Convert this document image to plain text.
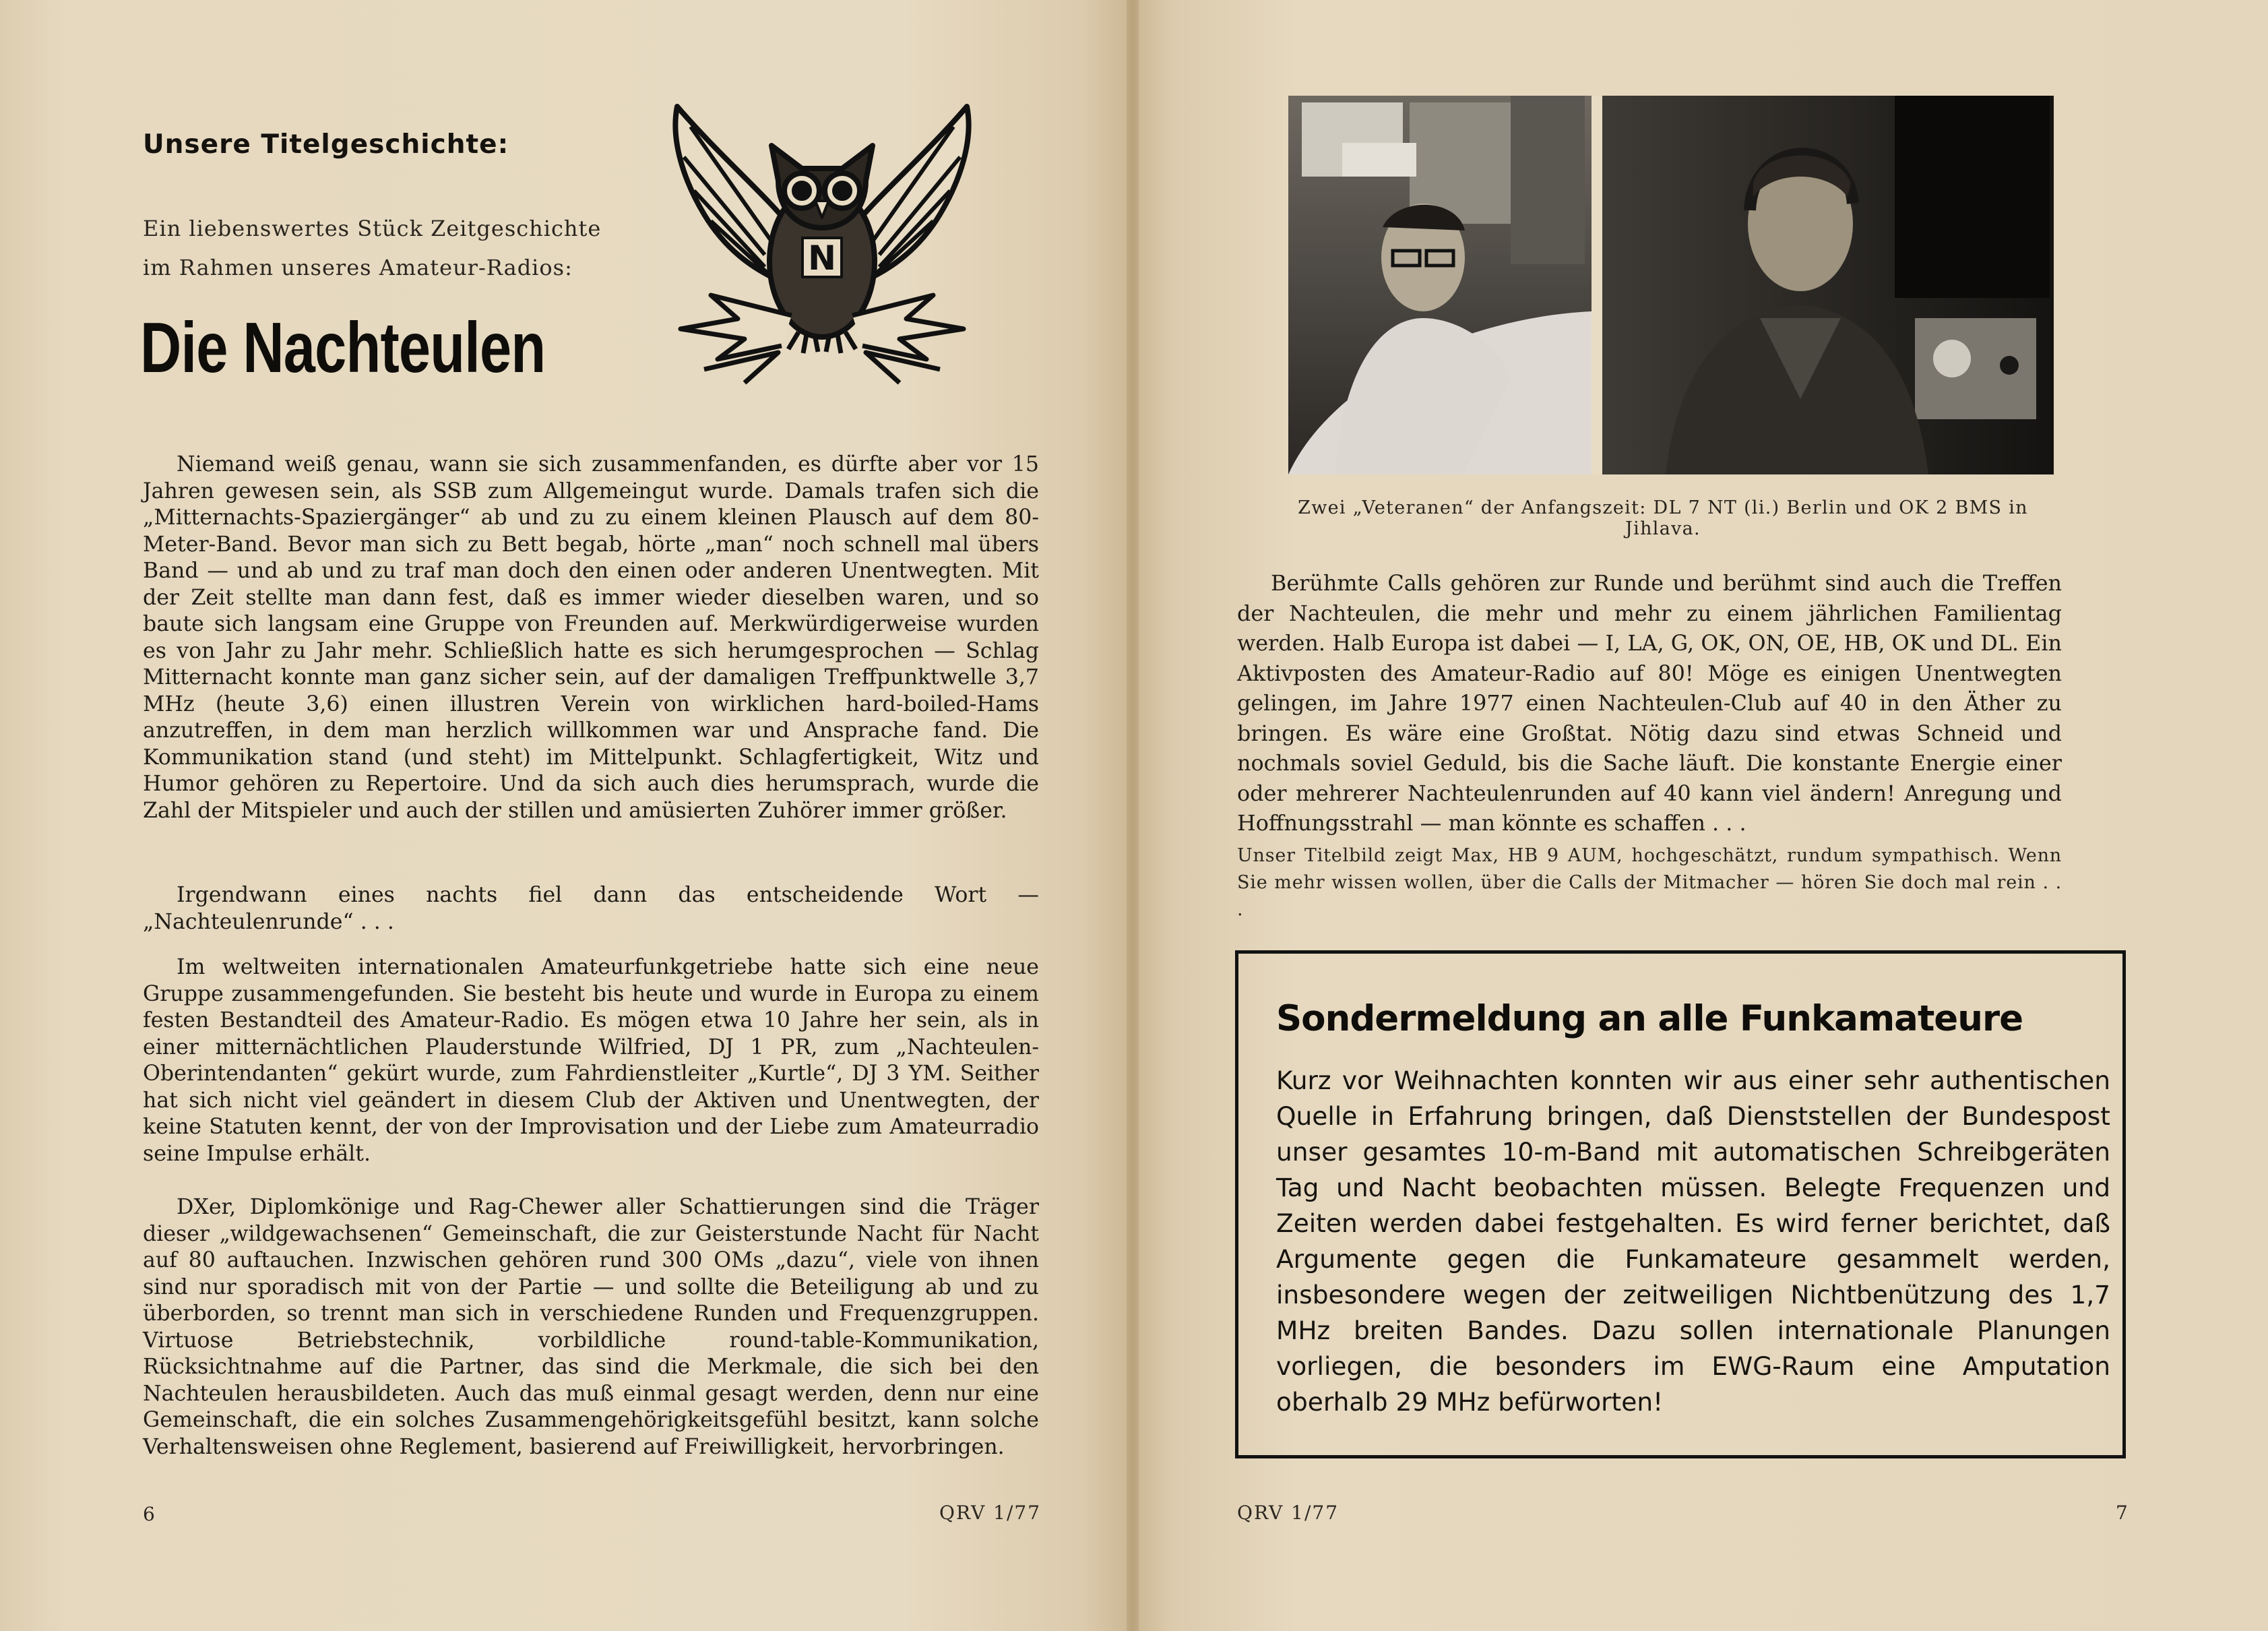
Unsere Titelgeschichte:
Ein liebenswertes Stück Zeitgeschichte
im Rahmen unseres Amateur-Radios:
Die Nachteulen
N

Niemand weiß genau, wann sie sich zusammenfanden, es dürfte aber vor 15 Jahren gewesen sein, als SSB zum Allgemeingut wurde. Damals trafen sich die „Mitternachts-Spaziergänger“ ab und zu zu einem kleinen Plausch auf dem 80-Meter-Band. Bevor man sich zu Bett begab, hörte „man“ noch schnell mal übers Band — und ab und zu traf man doch den einen oder anderen Unentwegten. Mit der Zeit stellte man dann fest, daß es immer wieder dieselben waren, und so baute sich langsam eine Gruppe von Freunden auf. Merkwürdigerweise wurden es von Jahr zu Jahr mehr. Schließlich hatte es sich herumgesprochen — Schlag Mitternacht konnte man ganz sicher sein, auf der damaligen Treffpunktwelle 3,7 MHz (heute 3,6) einen illustren Verein von wirklichen hard-boiled-Hams anzutreffen, in dem man herzlich willkommen war und Ansprache fand. Die Kommunikation stand (und steht) im Mittelpunkt. Schlagfertigkeit, Witz und Humor gehören zu Repertoire. Und da sich auch dies herumsprach, wurde die Zahl der Mitspieler und auch der stillen und amüsierten Zuhörer immer größer.

Irgendwann eines nachts fiel dann das entscheidende Wort — „Nachteulenrunde“ . . .

Im weltweiten internationalen Amateurfunkgetriebe hatte sich eine neue Gruppe zusammengefunden. Sie besteht bis heute und wurde in Europa zu einem festen Bestandteil des Amateur-Radio. Es mögen etwa 10 Jahre her sein, als in einer mitternächtlichen Plauderstunde Wilfried, DJ 1 PR, zum „Nachteulen-Oberintendanten“ gekürt wurde, zum Fahrdienstleiter „Kurtle“, DJ 3 YM. Seither hat sich nicht viel geändert in diesem Club der Aktiven und Unentwegten, der keine Statuten kennt, der von der Improvisation und der Liebe zum Amateurradio seine Impulse erhält.

DXer, Diplomkönige und Rag-Chewer aller Schattierungen sind die Träger dieser „wildgewachsenen“ Gemeinschaft, die zur Geisterstunde Nacht für Nacht auf 80 auftauchen. Inzwischen gehören rund 300 OMs „dazu“, viele von ihnen sind nur sporadisch mit von der Partie — und sollte die Beteiligung ab und zu überborden, so trennt man sich in verschiedene Runden und Frequenzgruppen. Virtuose Betriebstechnik, vorbildliche round-table-Kommunikation, Rücksichtnahme auf die Partner, das sind die Merkmale, die sich bei den Nachteulen herausbildeten. Auch das muß einmal gesagt werden, denn nur eine Gemeinschaft, die ein solches Zusammengehörigkeitsgefühl besitzt, kann solche Verhaltensweisen ohne Reglement, basierend auf Freiwilligkeit, hervorbringen.

6	QRV 1/77
Zwei „Veteranen“ der Anfangszeit: DL 7 NT (li.) Berlin und OK 2 BMS in Jihlava.

Berühmte Calls gehören zur Runde und berühmt sind auch die Treffen der Nachteulen, die mehr und mehr zu einem jährlichen Familientag werden. Halb Europa ist dabei — I, LA, G, OK, ON, OE, HB, OK und DL. Ein Aktivposten des Amateur-Radio auf 80! Möge es einigen Unentwegten gelingen, im Jahre 1977 einen Nachteulen-Club auf 40 in den Äther zu bringen. Es wäre eine Großtat. Nötig dazu sind etwas Schneid und nochmals soviel Geduld, bis die Sache läuft. Die konstante Energie einer oder mehrerer Nachteulenrunden auf 40 kann viel ändern! Anregung und Hoffnungsstrahl — man könnte es schaffen . . .

Unser Titelbild zeigt Max, HB 9 AUM, hochgeschätzt, rundum sympathisch. Wenn Sie mehr wissen wollen, über die Calls der Mitmacher — hören Sie doch mal rein . . .
Sondermeldung an alle Funkamateure
Kurz vor Weihnachten konnten wir aus einer sehr authentischen Quelle in Erfahrung bringen, daß Dienststellen der Bundespost unser gesamtes 10-m-Band mit automatischen Schreibgeräten Tag und Nacht beobachten müssen. Belegte Frequenzen und Zeiten werden dabei festgehalten. Es wird ferner berichtet, daß Argumente gegen die Funkamateure gesammelt werden, insbesondere wegen der zeitweiligen Nichtbenützung des 1,7 MHz breiten Bandes. Dazu sollen internationale Planungen vorliegen, die besonders im EWG-Raum eine Amputation oberhalb 29 MHz befürworten!
QRV 1/77	7
